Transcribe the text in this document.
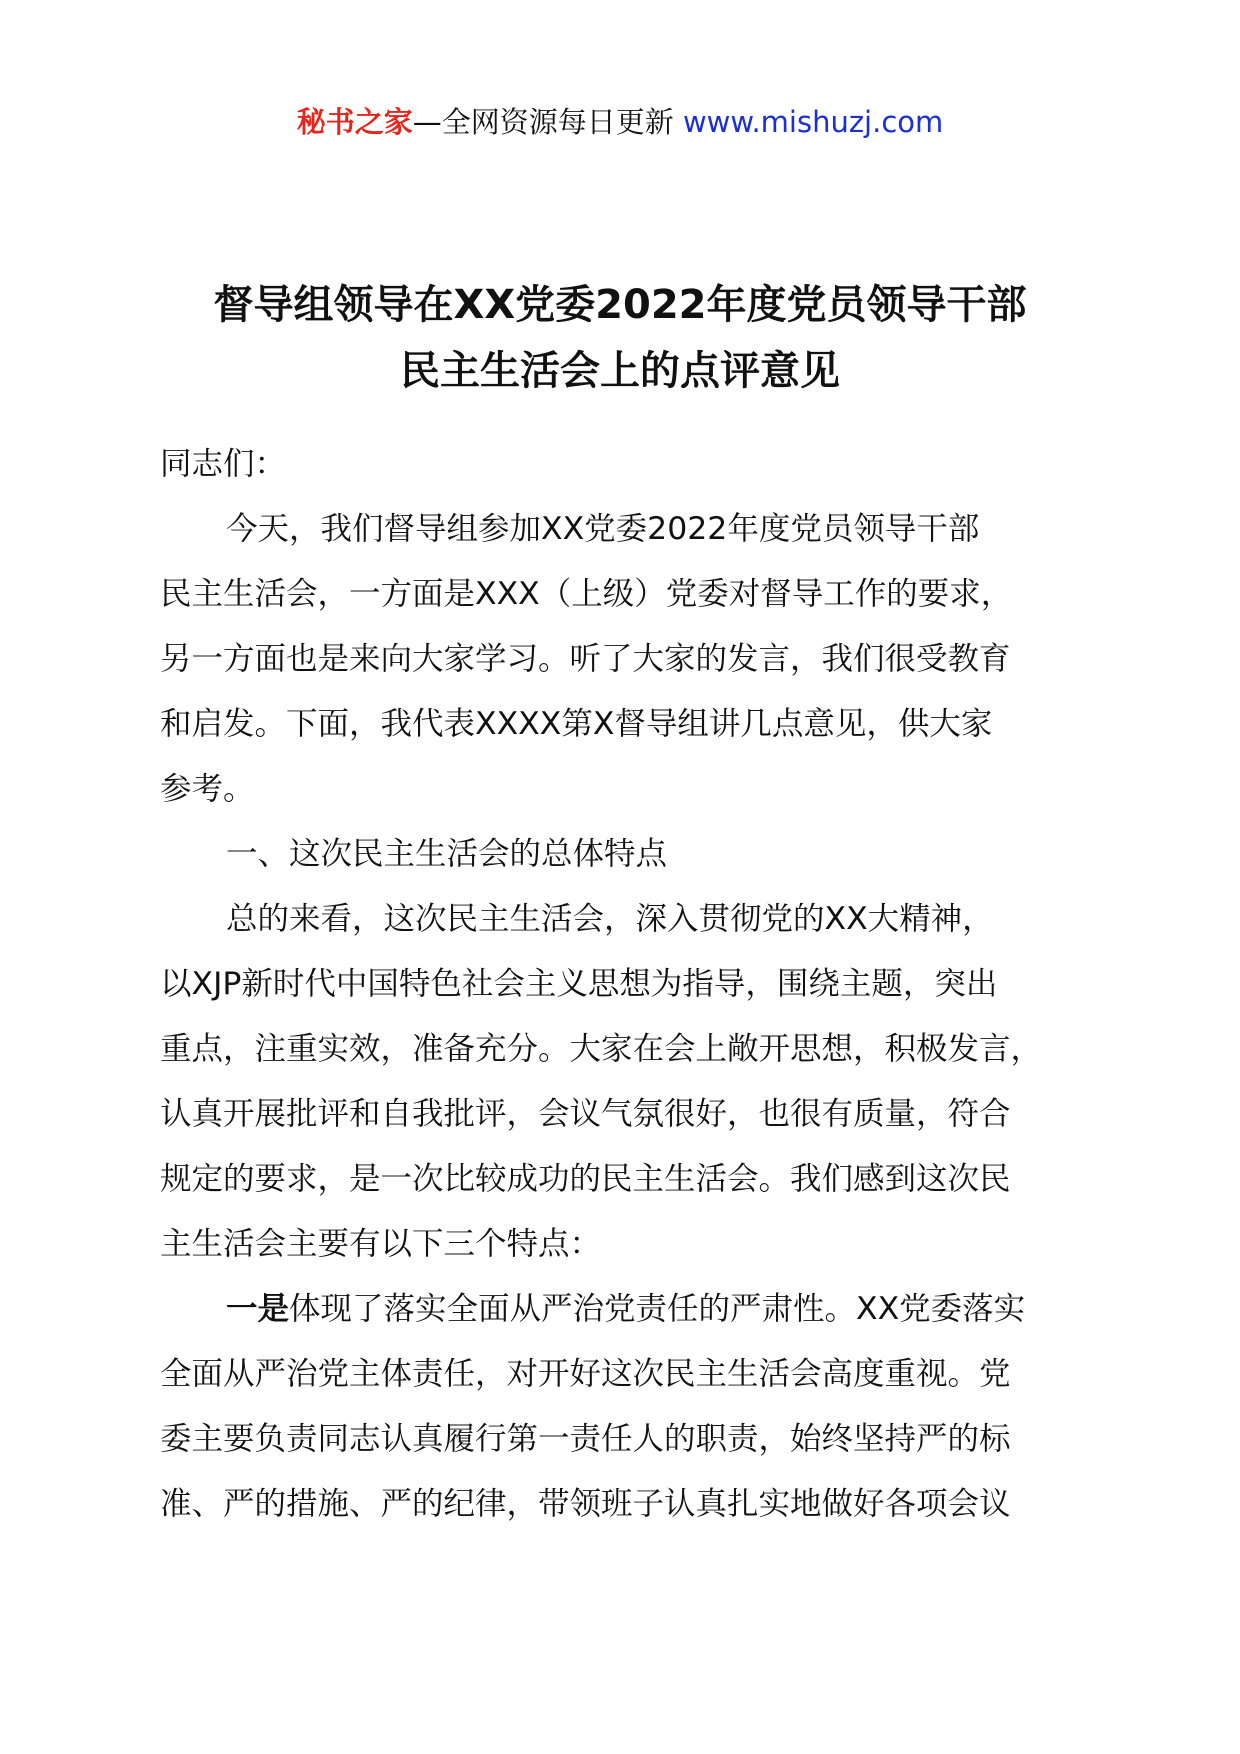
秘书之家—全网资源每日更新 www.mishuzj.com
督导组领导在XX党委2022年度党员领导干部
民主生活会上的点评意见
同志们：
今天，我们督导组参加XX党委2022年度党员领导干部
民主生活会，一方面是XXX（上级）党委对督导工作的要求，
另一方面也是来向大家学习。听了大家的发言，我们很受教育
和启发。下面，我代表XXXX第X督导组讲几点意见，供大家
参考。
一、这次民主生活会的总体特点
总的来看，这次民主生活会，深入贯彻党的XX大精神，
以XJP新时代中国特色社会主义思想为指导，围绕主题，突出
重点，注重实效，准备充分。大家在会上敞开思想，积极发言，
认真开展批评和自我批评，会议气氛很好，也很有质量，符合
规定的要求，是一次比较成功的民主生活会。我们感到这次民
主生活会主要有以下三个特点：
一是体现了落实全面从严治党责任的严肃性。XX党委落实
全面从严治党主体责任，对开好这次民主生活会高度重视。党
委主要负责同志认真履行第一责任人的职责，始终坚持严的标
准、严的措施、严的纪律，带领班子认真扎实地做好各项会议
